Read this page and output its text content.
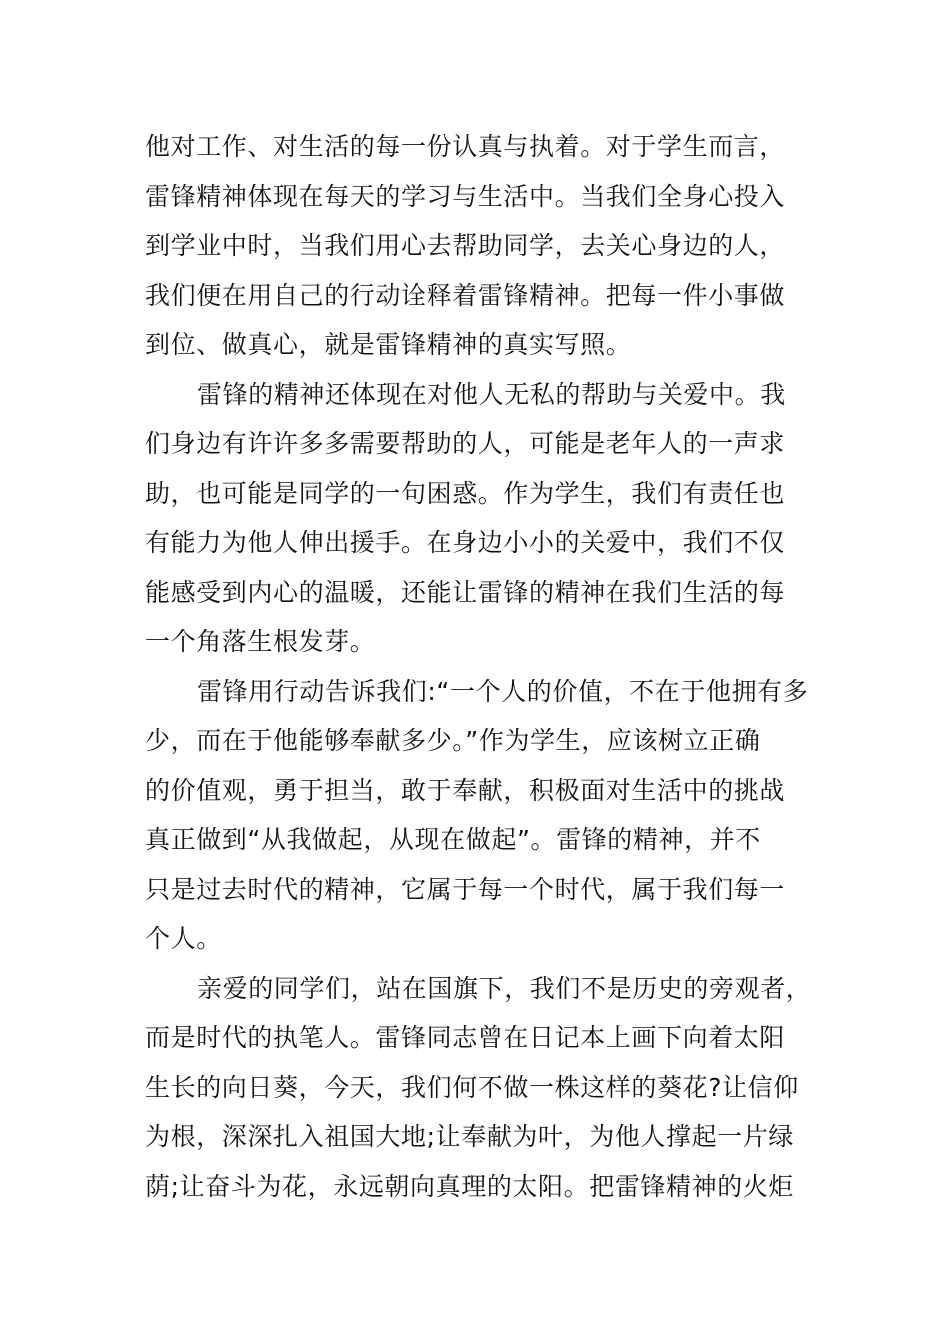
他对工作、对生活的每一份认真与执着。对于学生而言，
雷锋精神体现在每天的学习与生活中。当我们全身心投入
到学业中时，当我们用心去帮助同学，去关心身边的人，
我们便在用自己的行动诠释着雷锋精神。把每一件小事做
到位、做真心，就是雷锋精神的真实写照。
雷锋的精神还体现在对他人无私的帮助与关爱中。我
们身边有许许多多需要帮助的人，可能是老年人的一声求
助，也可能是同学的一句困惑。作为学生，我们有责任也
有能力为他人伸出援手。在身边小小的关爱中，我们不仅
能感受到内心的温暖，还能让雷锋的精神在我们生活的每
一个角落生根发芽。
雷锋用行动告诉我们:“一个人的价值，不在于他拥有多
少，而在于他能够奉献多少。”作为学生，应该树立正确
的价值观，勇于担当，敢于奉献，积极面对生活中的挑战
真正做到“从我做起，从现在做起”。雷锋的精神，并不
只是过去时代的精神，它属于每一个时代，属于我们每一
个人。
亲爱的同学们，站在国旗下，我们不是历史的旁观者，
而是时代的执笔人。雷锋同志曾在日记本上画下向着太阳
生长的向日葵，今天，我们何不做一株这样的葵花?让信仰
为根，深深扎入祖国大地;让奉献为叶，为他人撑起一片绿
荫;让奋斗为花，永远朝向真理的太阳。把雷锋精神的火炬
